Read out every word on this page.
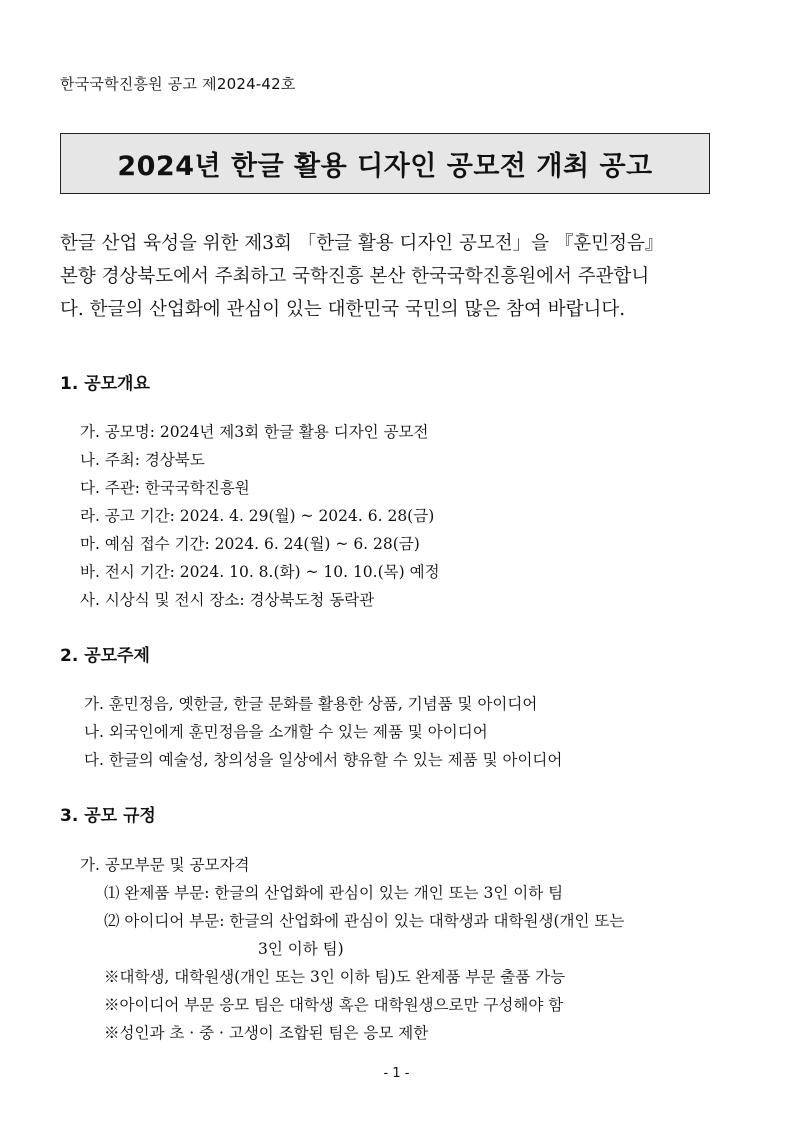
한국국학진흥원 공고 제2024-42호
2024년 한글 활용 디자인 공모전 개최 공고
한글 산업 육성을 위한 제3회 「한글 활용 디자인 공모전」을 『훈민정음』
본향 경상북도에서 주최하고 국학진흥 본산 한국국학진흥원에서 주관합니
다. 한글의 산업화에 관심이 있는 대한민국 국민의 많은 참여 바랍니다.
1. 공모개요
가. 공모명: 2024년 제3회 한글 활용 디자인 공모전
나. 주최: 경상북도
다. 주관: 한국국학진흥원
라. 공고 기간: 2024. 4. 29(월) ~ 2024. 6. 28(금)
마. 예심 접수 기간: 2024. 6. 24(월) ~ 6. 28(금)
바. 전시 기간: 2024. 10. 8.(화) ~ 10. 10.(목) 예정
사. 시상식 및 전시 장소: 경상북도청 동락관
2. 공모주제
가. 훈민정음, 옛한글, 한글 문화를 활용한 상품, 기념품 및 아이디어
나. 외국인에게 훈민정음을 소개할 수 있는 제품 및 아이디어
다. 한글의 예술성, 창의성을 일상에서 향유할 수 있는 제품 및 아이디어
3. 공모 규정
가. 공모부문 및 공모자격
⑴ 완제품 부문: 한글의 산업화에 관심이 있는 개인 또는 3인 이하 팀
⑵ 아이디어 부문: 한글의 산업화에 관심이 있는 대학생과 대학원생(개인 또는
3인 이하 팀)
※대학생, 대학원생(개인 또는 3인 이하 팀)도 완제품 부문 출품 가능
※아이디어 부문 응모 팀은 대학생 혹은 대학원생으로만 구성해야 함
※성인과 초 · 중 · 고생이 조합된 팀은 응모 제한
- 1 -
